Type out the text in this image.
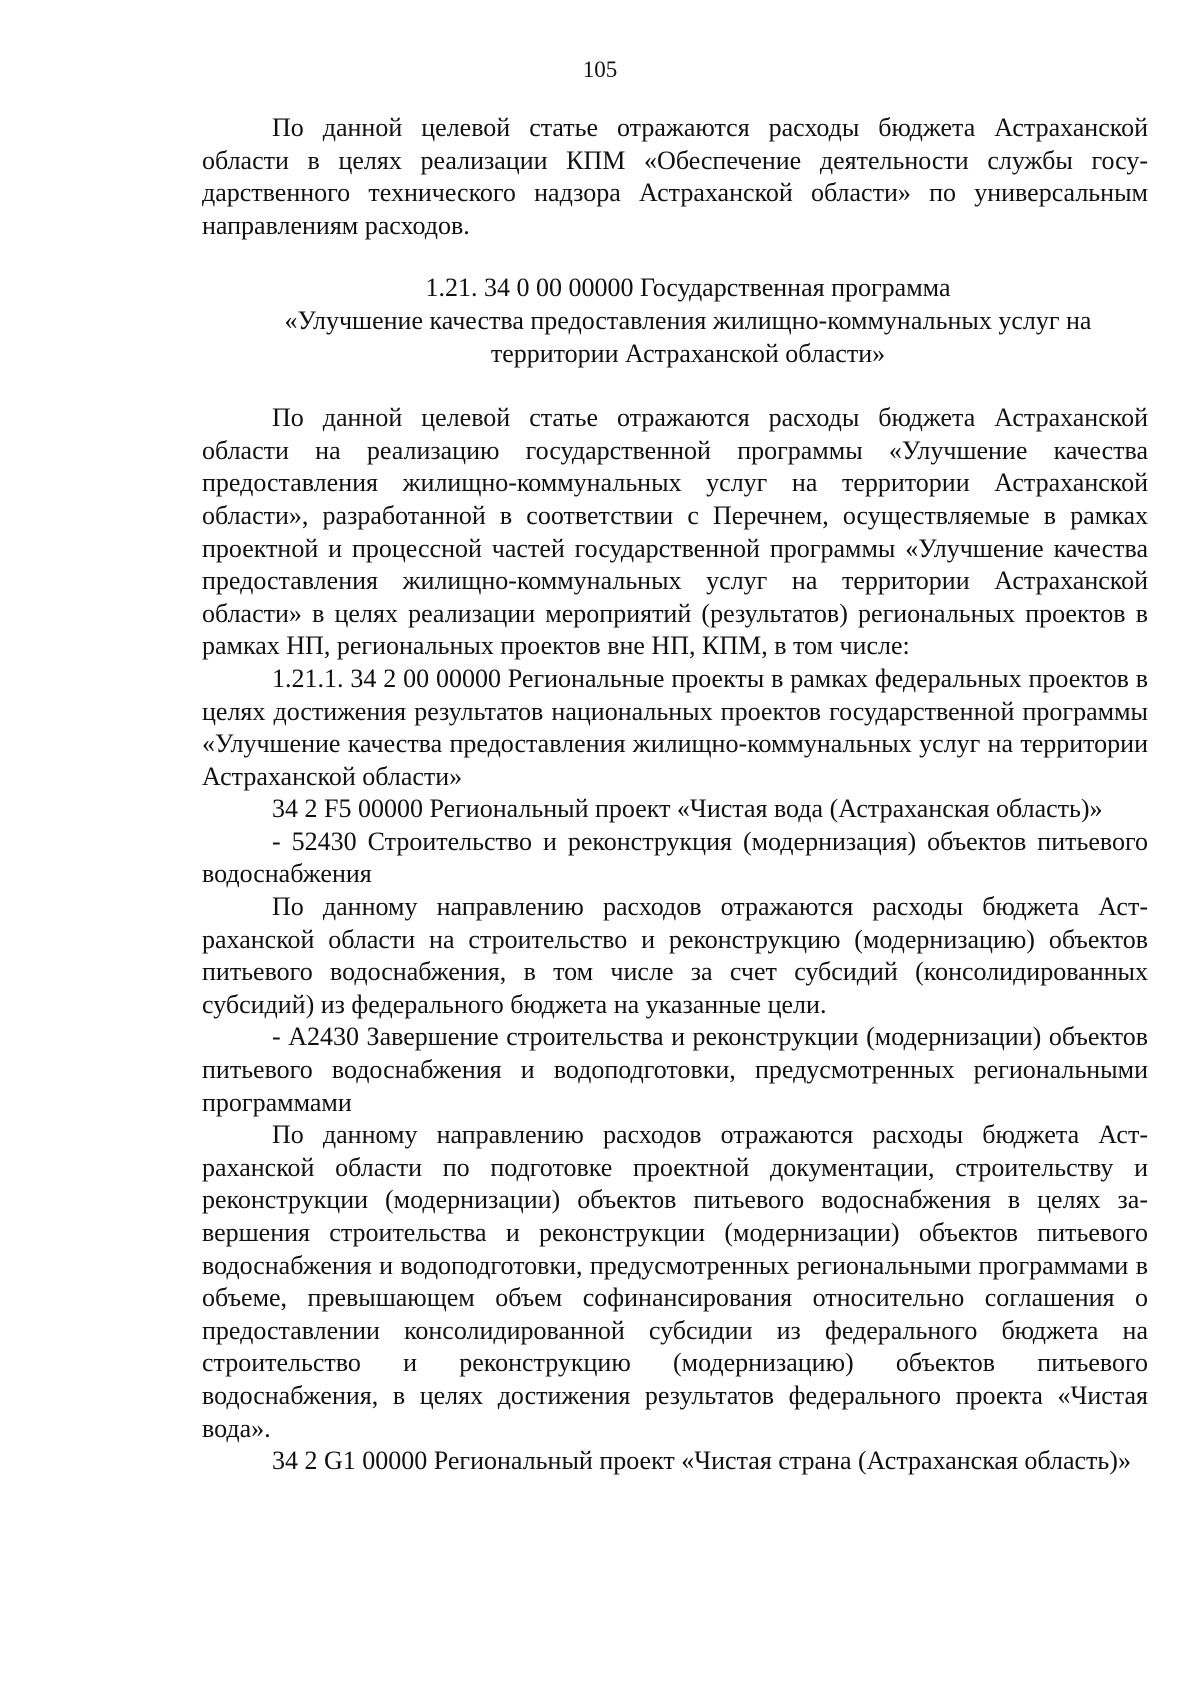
105

По данной целевой статье отражаются расходы бюджета Астраханской области в целях реализации КПМ «Обеспечение деятельности службы государственного технического надзора Астраханской области» по универсальным направлениям расходов.

1.21. 34 0 00 00000 Государственная программа

«Улучшение качества предоставления жилищно-коммунальных услуг на

территории Астраханской области»

По данной целевой статье отражаются расходы бюджета Астраханской области на реализацию государственной программы «Улучшение качества предоставления жилищно-коммунальных услуг на территории Астраханской области», разработанной в соответствии с Перечнем, осуществляемые в рамках проектной и процессной частей государственной программы «Улучшение качества предоставления жилищно-коммунальных услуг на территории Астраханской области» в целях реализации мероприятий (результатов) региональных проектов в рамках НП, региональных проектов вне НП, КПМ, в том числе:

1.21.1. 34 2 00 00000 Региональные проекты в рамках федеральных проектов в целях достижения результатов национальных проектов государственной программы «Улучшение качества предоставления жилищно-коммунальных услуг на территории Астраханской области»

34 2 F5 00000 Региональный проект «Чистая вода (Астраханская область)»

- 52430 Строительство и реконструкция (модернизация) объектов питьевого водоснабжения

По данному направлению расходов отражаются расходы бюджета Астраханской области на строительство и реконструкцию (модернизацию) объектов питьевого водоснабжения, в том числе за счет субсидий (консолидированных субсидий) из федерального бюджета на указанные цели.

- А2430 Завершение строительства и реконструкции (модернизации) объектов питьевого водоснабжения и водоподготовки, предусмотренных региональными программами

По данному направлению расходов отражаются расходы бюджета Астраханской области по подготовке проектной документации, строительству и реконструкции (модернизации) объектов питьевого водоснабжения в целях завершения строительства и реконструкции (модернизации) объектов питьевого водоснабжения и водоподготовки, предусмотренных региональными программами в объеме, превышающем объем софинансирования относительно соглашения о предоставлении консолидированной субсидии из федерального бюджета на строительство и реконструкцию (модернизацию) объектов питьевого водоснабжения, в целях достижения результатов федерального проекта «Чистая вода».

34 2 G1 00000 Региональный проект «Чистая страна (Астраханская область)»
